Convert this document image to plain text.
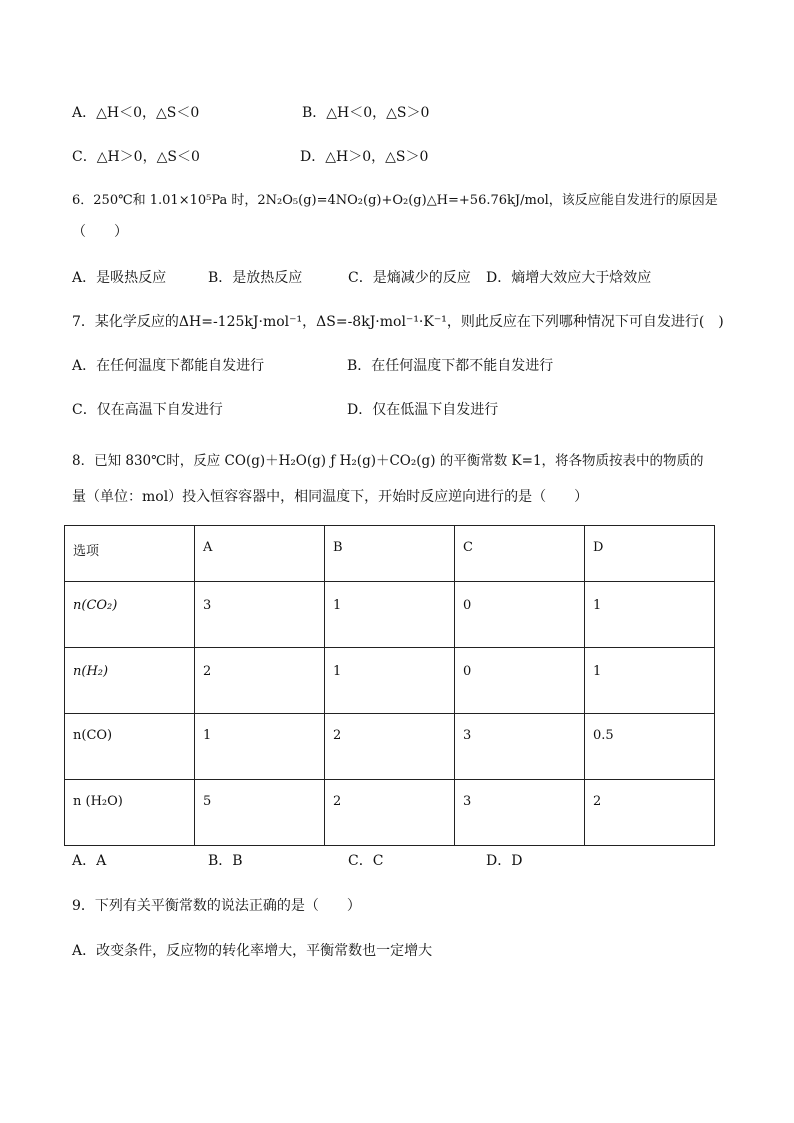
A．△H＜0，△S＜0	B．△H＜0，△S＞0
C．△H＞0，△S＜0	D．△H＞0，△S＞0
6．250℃和 1.01×10⁵Pa 时，2N₂O₅(g)=4NO₂(g)+O₂(g)△H=+56.76kJ/mol，该反应能自发进行的原因是
（　　）
A．是吸热反应	B．是放热反应	C．是熵减少的反应 D．熵增大效应大于焓效应
7．某化学反应的ΔH=-125kJ·mol⁻¹，ΔS=-8kJ·mol⁻¹·K⁻¹，则此反应在下列哪种情况下可自发进行(　)
A．在任何温度下都能自发进行	B．在任何温度下都不能自发进行
C．仅在高温下自发进行	D．仅在低温下自发进行
8．已知 830℃时，反应 CO(g)＋H₂O(g) ƒ H₂(g)＋CO₂(g) 的平衡常数 K=1，将各物质按表中的物质的
量（单位：mol）投入恒容容器中，相同温度下，开始时反应逆向进行的是（　　）
选项	A	B	C	D
n(CO₂)	3	1	0	1
n(H₂)	2	1	0	1
n(CO)	1	2	3	0.5
n (H₂O)	5	2	3	2
A．A	B．B	C．C	D．D
9．下列有关平衡常数的说法正确的是（　　）
A．改变条件，反应物的转化率增大，平衡常数也一定增大
